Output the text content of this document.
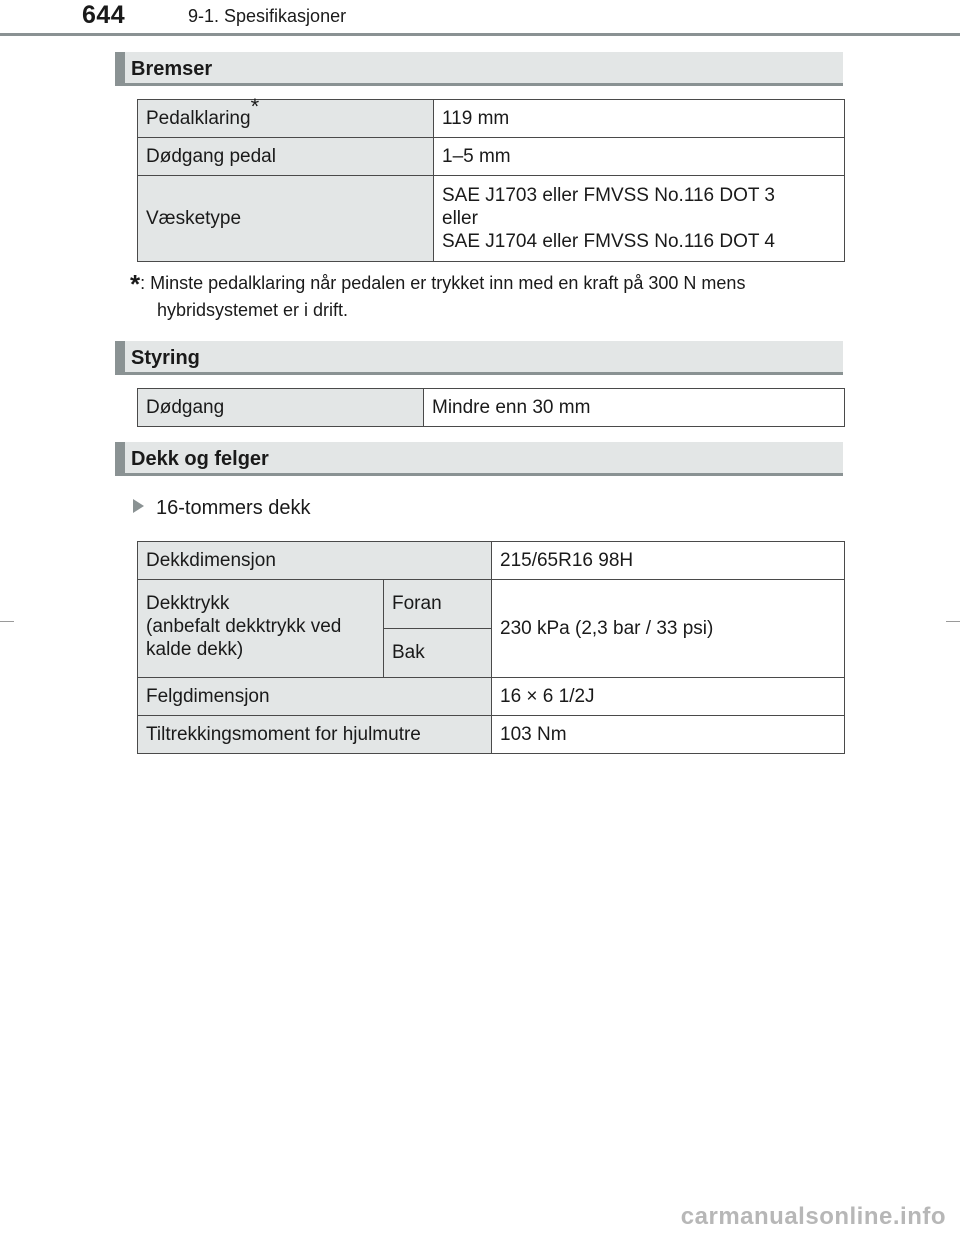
644	9-1. Spesifikasjoner
Bremser
Pedalklaring*	119 mm
Dødgang pedal	1–5 mm
Væsketype	SAE J1703 eller FMVSS No.116 DOT 3
eller
SAE J1704 eller FMVSS No.116 DOT 4
*: Minste pedalklaring når pedalen er trykket inn med en kraft på 300 N mens
hybridsystemet er i drift.
Styring
Dødgang	Mindre enn 30 mm
Dekk og felger
16-tommers dekk
Dekkdimensjon		215/65R16 98H

Dekktrykk
(anbefalt dekktrykk ved
kalde dekk)	Foran	230 kPa (2,3 bar / 33 psi)
	Bak	
Felgdimensjon		16 × 6 1/2J
Tiltrekkingsmoment for hjulmutre		103 Nm
carmanualsonline.info
